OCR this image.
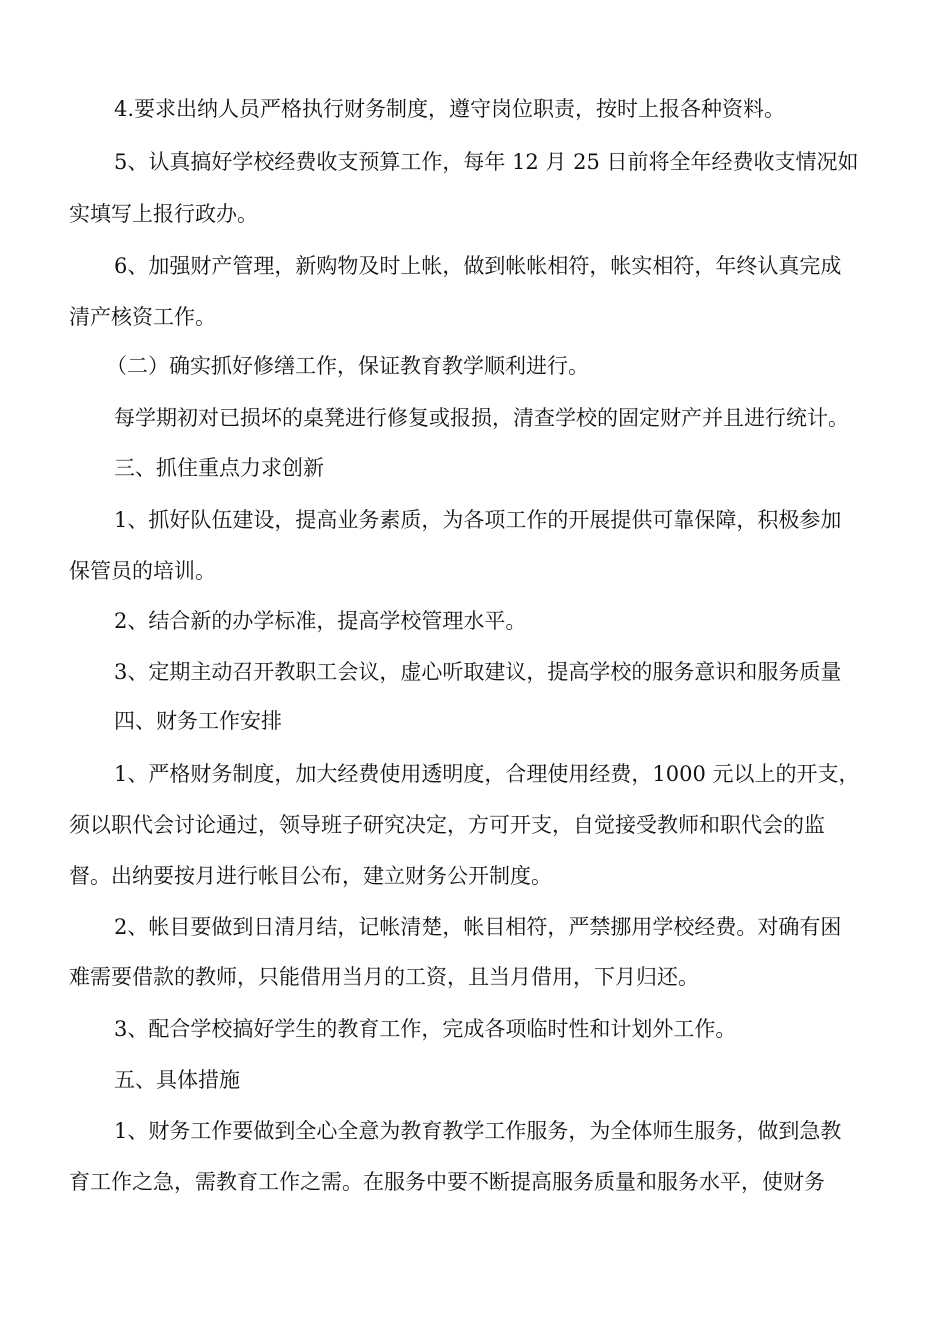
4.要求出纳人员严格执行财务制度，遵守岗位职责，按时上报各种资料。

5、认真搞好学校经费收支预算工作，每年 12 月 25 日前将全年经费收支情况如

实填写上报行政办。

6、加强财产管理，新购物及时上帐，做到帐帐相符，帐实相符，年终认真完成

清产核资工作。

（二）确实抓好修缮工作，保证教育教学顺利进行。

每学期初对已损坏的桌凳进行修复或报损，清查学校的固定财产并且进行统计。

三、抓住重点力求创新

1、抓好队伍建设，提高业务素质，为各项工作的开展提供可靠保障，积极参加

保管员的培训。

2、结合新的办学标准，提高学校管理水平。

3、定期主动召开教职工会议，虚心听取建议，提高学校的服务意识和服务质量

四、财务工作安排

1、严格财务制度，加大经费使用透明度，合理使用经费，1000 元以上的开支，

须以职代会讨论通过，领导班子研究决定，方可开支，自觉接受教师和职代会的监

督。出纳要按月进行帐目公布，建立财务公开制度。

2、帐目要做到日清月结，记帐清楚，帐目相符，严禁挪用学校经费。对确有困

难需要借款的教师，只能借用当月的工资，且当月借用，下月归还。

3、配合学校搞好学生的教育工作，完成各项临时性和计划外工作。

五、具体措施

1、财务工作要做到全心全意为教育教学工作服务，为全体师生服务，做到急教

育工作之急，需教育工作之需。在服务中要不断提高服务质量和服务水平，使财务
